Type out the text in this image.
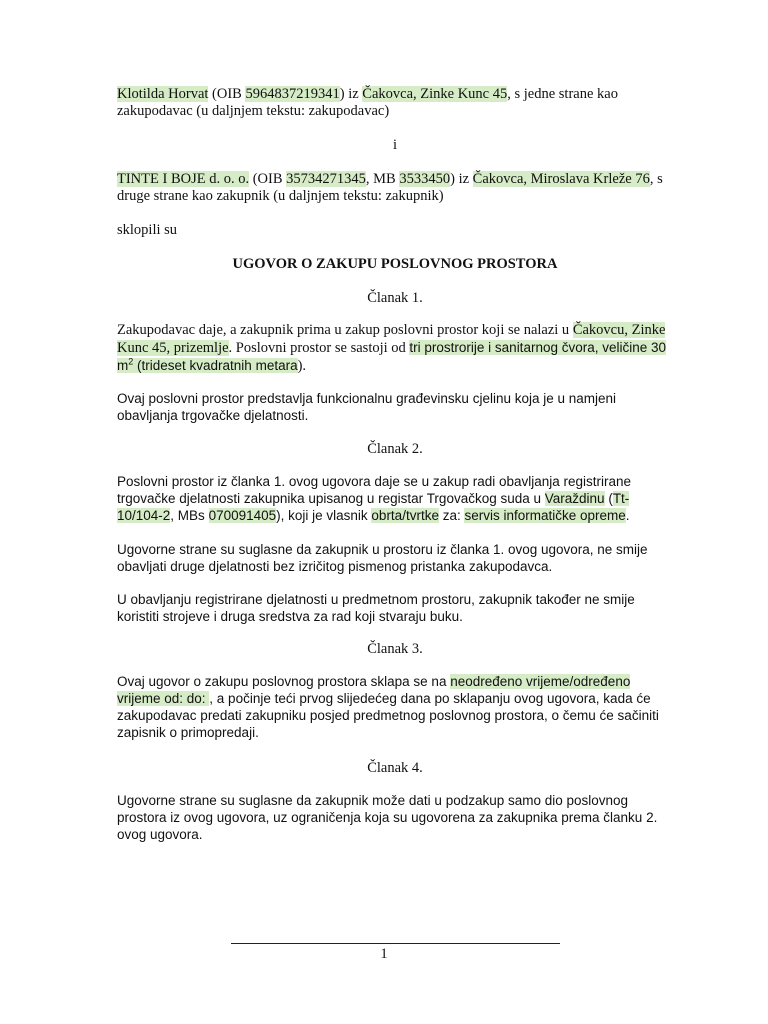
Klotilda Horvat (OIB 5964837219341) iz Čakovca, Zinke Kunc 45, s jedne strane kao zakupodavac (u daljnjem tekstu: zakupodavac)

i

TINTE I BOJE d. o. o. (OIB 35734271345, MB 3533450) iz Čakovca, Miroslava Krleže 76, s druge strane kao zakupnik (u daljnjem tekstu: zakupnik)

sklopili su

UGOVOR O ZAKUPU POSLOVNOG PROSTORA

Članak 1.

Zakupodavac daje, a zakupnik prima u zakup poslovni prostor koji se nalazi u Čakovcu, Zinke Kunc 45, prizemlje. Poslovni prostor se sastoji od tri prostrorije i sanitarnog čvora, veličine 30 $m^2$ (trideset kvadratnih metara).

Ovaj poslovni prostor predstavlja funkcionalnu građevinsku cjelinu koja je u namjeni obavljanja trgovačke djelatnosti.

Članak 2.

Poslovni prostor iz članka 1. ovog ugovora daje se u zakup radi obavljanja registrirane trgovačke djelatnosti zakupnika upisanog u registar Trgovačkog suda u Varaždinu (Tt-10/104-2, MBs 070091405), koji je vlasnik obrta/tvrtke za: servis informatičke opreme.

Ugovorne strane su suglasne da zakupnik u prostoru iz članka 1. ovog ugovora, ne smije obavljati druge djelatnosti bez izričitog pismenog pristanka zakupodavca.

U obavljanju registrirane djelatnosti u predmetnom prostoru, zakupnik također ne smije koristiti strojeve i druga sredstva za rad koji stvaraju buku.

Članak 3.

Ovaj ugovor o zakupu poslovnog prostora sklapa se na neodređeno vrijeme/određeno vrijeme od: do: , a počinje teći prvog slijedećeg dana po sklapanju ovog ugovora, kada će zakupodavac predati zakupniku posjed predmetnog poslovnog prostora, o čemu će sačiniti zapisnik o primopredaji.

Članak 4.

Ugovorne strane su suglasne da zakupnik može dati u podzakup samo dio poslovnog prostora iz ovog ugovora, uz ograničenja koja su ugovorena za zakupnika prema članku 2. ovog ugovora.

1
